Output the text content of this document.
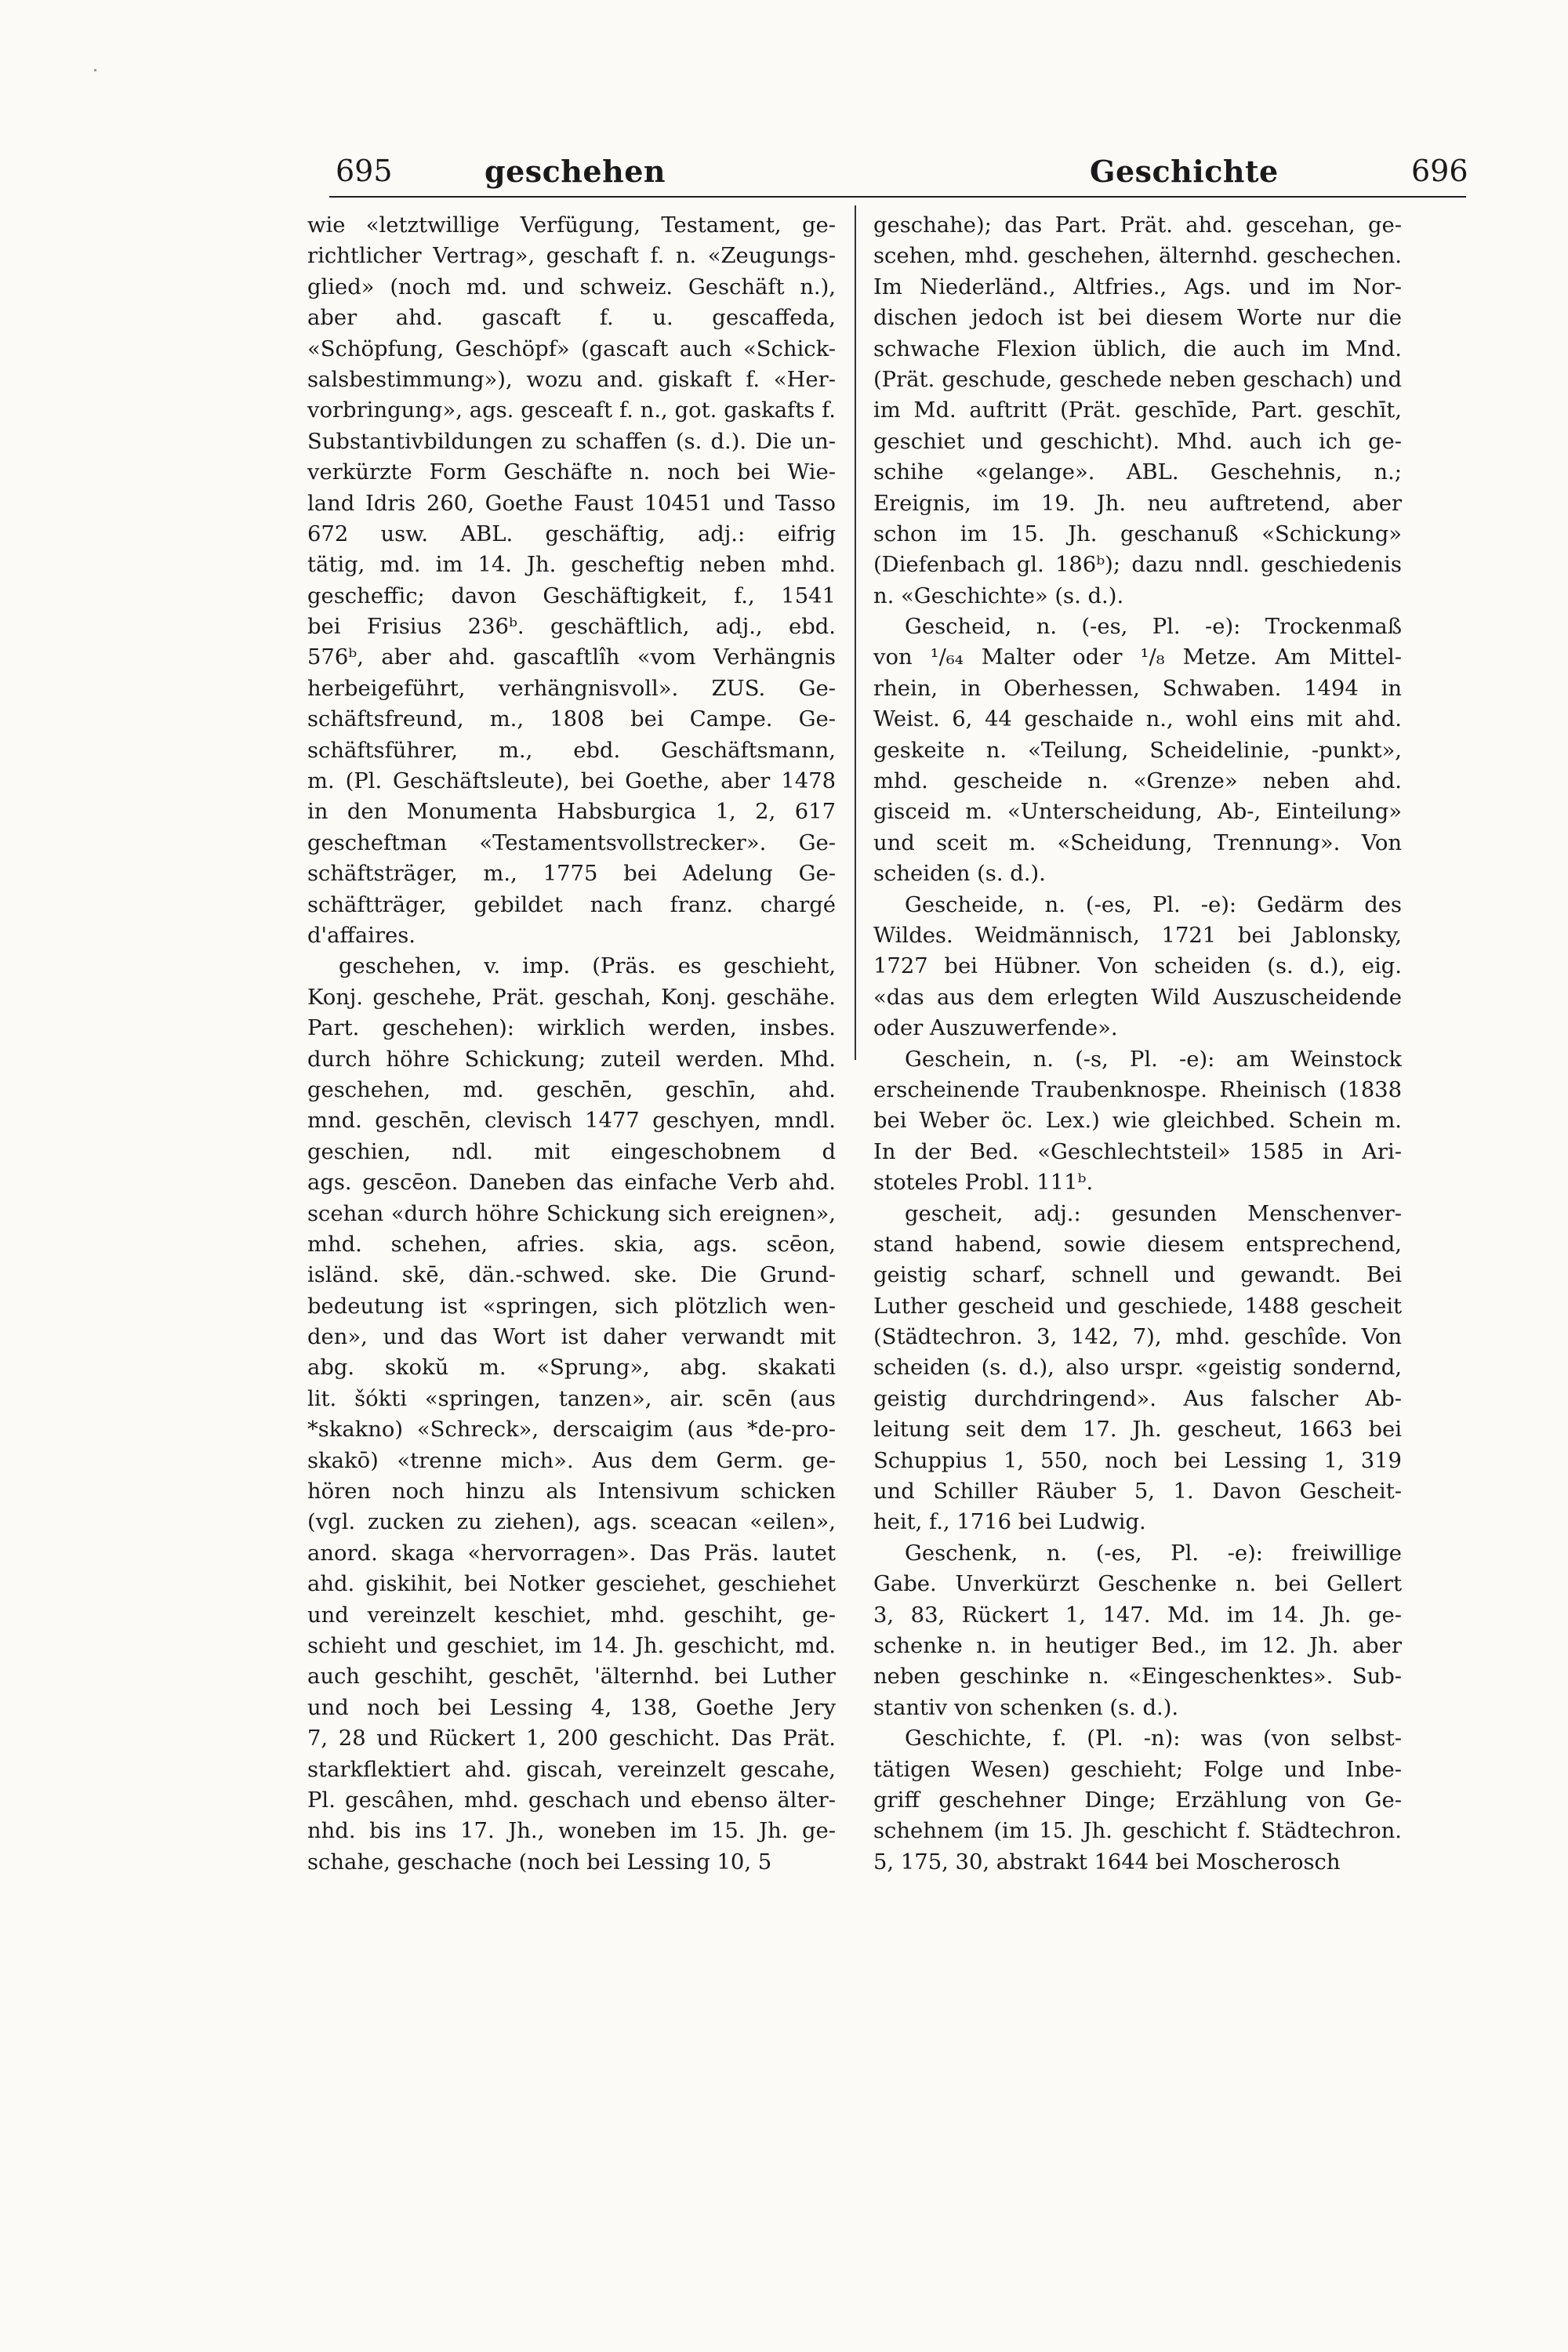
695	geschehen	Geschichte	696
wie «letztwillige Verfügung, Testament, ge-
richtlicher Vertrag», geschaft f. n. «Zeugungs-
glied» (noch md. und schweiz. Geschäft n.),
aber ahd. gascaft f. u. gescaffeda,
«Schöpfung, Geschöpf» (gascaft auch «Schick-
salsbestimmung»), wozu and. giskaft f. «Her-
vorbringung», ags. gesceaft f. n., got. gaskafts f.
Substantivbildungen zu schaffen (s. d.). Die un-
verkürzte Form Geschäfte n. noch bei Wie-
land Idris 260, Goethe Faust 10451 und Tasso
672 usw. ABL. geschäftig, adj.: eifrig
tätig, md. im 14. Jh. gescheftig neben mhd.
gescheffic; davon Geschäftigkeit, f., 1541
bei Frisius 236ᵇ. geschäftlich, adj., ebd.
576ᵇ, aber ahd. gascaftlîh «vom Verhängnis
herbeigeführt, verhängnisvoll». ZUS. Ge-
schäftsfreund, m., 1808 bei Campe. Ge-
schäftsführer, m., ebd. Geschäftsmann,
m. (Pl. Geschäftsleute), bei Goethe, aber 1478
in den Monumenta Habsburgica 1, 2, 617
gescheftman «Testamentsvollstrecker». Ge-
schäftsträger, m., 1775 bei Adelung Ge-
schäftträger, gebildet nach franz. chargé
d'affaires.
geschehen, v. imp. (Präs. es geschieht,
Konj. geschehe, Prät. geschah, Konj. geschähe.
Part. geschehen): wirklich werden, insbes.
durch höhre Schickung; zuteil werden. Mhd.
geschehen, md. geschēn, geschīn, ahd.
mnd. geschēn, clevisch 1477 geschyen, mndl.
geschien, ndl. mit eingeschobnem d
ags. gescēon. Daneben das einfache Verb ahd.
scehan «durch höhre Schickung sich ereignen»,
mhd. schehen, afries. skia, ags. scēon,
isländ. skē, dän.-schwed. ske. Die Grund-
bedeutung ist «springen, sich plötzlich wen-
den», und das Wort ist daher verwandt mit
abg. skokŭ m. «Sprung», abg. skakati
lit. šókti «springen, tanzen», air. scēn (aus
*skakno) «Schreck», derscaigim (aus *de-pro-
skakō) «trenne mich». Aus dem Germ. ge-
hören noch hinzu als Intensivum schicken
(vgl. zucken zu ziehen), ags. sceacan «eilen»,
anord. skaga «hervorragen». Das Präs. lautet
ahd. giskihit, bei Notker gesciehet, geschiehet
und vereinzelt keschiet, mhd. geschiht, ge-
schieht und geschiet, im 14. Jh. geschicht, md.
auch geschiht, geschēt, 'älternhd. bei Luther
und noch bei Lessing 4, 138, Goethe Jery
7, 28 und Rückert 1, 200 geschicht. Das Prät.
starkflektiert ahd. giscah, vereinzelt gescahe,
Pl. gescâhen, mhd. geschach und ebenso älter-
nhd. bis ins 17. Jh., woneben im 15. Jh. ge-
schahe, geschache (noch bei Lessing 10, 5
geschahe); das Part. Prät. ahd. gescehan, ge-
scehen, mhd. geschehen, älternhd. geschechen.
Im Niederländ., Altfries., Ags. und im Nor-
dischen jedoch ist bei diesem Worte nur die
schwache Flexion üblich, die auch im Mnd.
(Prät. geschude, geschede neben geschach) und
im Md. auftritt (Prät. geschīde, Part. geschīt,
geschiet und geschicht). Mhd. auch ich ge-
schihe «gelange». ABL. Geschehnis, n.;
Ereignis, im 19. Jh. neu auftretend, aber
schon im 15. Jh. geschanuß «Schickung»
(Diefenbach gl. 186ᵇ); dazu nndl. geschiedenis
n. «Geschichte» (s. d.).
Gescheid, n. (-es, Pl. -e): Trockenmaß
von ¹/₆₄ Malter oder ¹/₈ Metze. Am Mittel-
rhein, in Oberhessen, Schwaben. 1494 in
Weist. 6, 44 geschaide n., wohl eins mit ahd.
geskeite n. «Teilung, Scheidelinie, -punkt»,
mhd. gescheide n. «Grenze» neben ahd.
gisceid m. «Unterscheidung, Ab-, Einteilung»
und sceit m. «Scheidung, Trennung». Von
scheiden (s. d.).
Gescheide, n. (-es, Pl. -e): Gedärm des
Wildes. Weidmännisch, 1721 bei Jablonsky,
1727 bei Hübner. Von scheiden (s. d.), eig.
«das aus dem erlegten Wild Auszuscheidende
oder Auszuwerfende».
Geschein, n. (-s, Pl. -e): am Weinstock
erscheinende Traubenknospe. Rheinisch (1838
bei Weber öc. Lex.) wie gleichbed. Schein m.
In der Bed. «Geschlechtsteil» 1585 in Ari-
stoteles Probl. 111ᵇ.
gescheit, adj.: gesunden Menschenver-
stand habend, sowie diesem entsprechend,
geistig scharf, schnell und gewandt. Bei
Luther gescheid und geschiede, 1488 gescheit
(Städtechron. 3, 142, 7), mhd. geschîde. Von
scheiden (s. d.), also urspr. «geistig sondernd,
geistig durchdringend». Aus falscher Ab-
leitung seit dem 17. Jh. gescheut, 1663 bei
Schuppius 1, 550, noch bei Lessing 1, 319
und Schiller Räuber 5, 1. Davon Gescheit-
heit, f., 1716 bei Ludwig.
Geschenk, n. (-es, Pl. -e): freiwillige
Gabe. Unverkürzt Geschenke n. bei Gellert
3, 83, Rückert 1, 147. Md. im 14. Jh. ge-
schenke n. in heutiger Bed., im 12. Jh. aber
neben geschinke n. «Eingeschenktes». Sub-
stantiv von schenken (s. d.).
Geschichte, f. (Pl. -n): was (von selbst-
tätigen Wesen) geschieht; Folge und Inbe-
griff geschehner Dinge; Erzählung von Ge-
schehnem (im 15. Jh. geschicht f. Städtechron.
5, 175, 30, abstrakt 1644 bei Moscherosch
